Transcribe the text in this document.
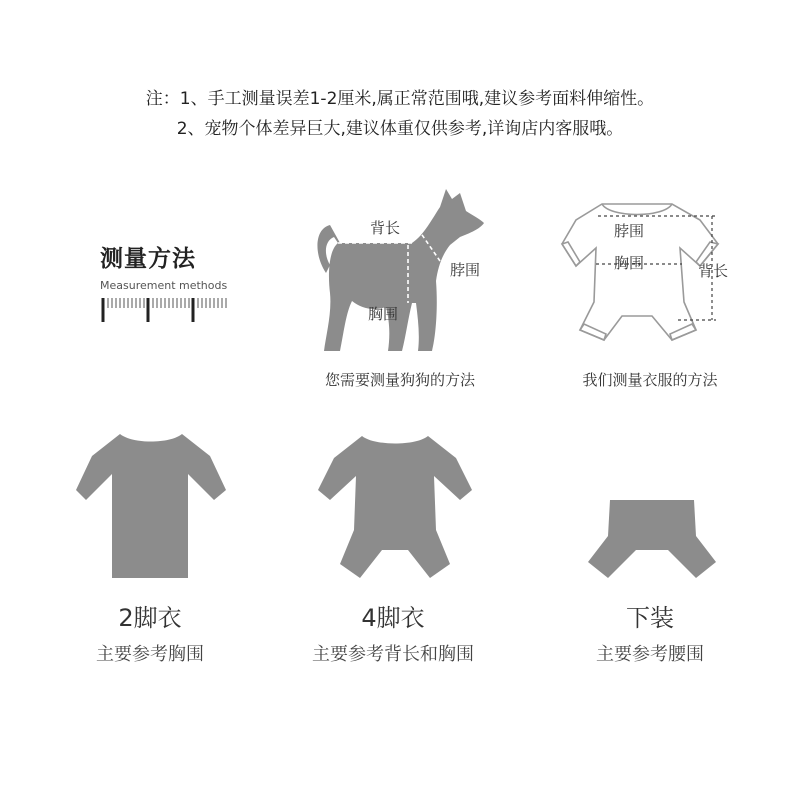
注：1、手工测量误差1-2厘米,属正常范围哦,建议参考面料伸缩性。
2、宠物个体差异巨大,建议体重仅供参考,详询店内客服哦。
测量方法
Measurement methods
背长
脖围
胸围
您需要测量狗狗的方法
脖围
胸围	背长
我们测量衣服的方法
2脚衣
主要参考胸围
4脚衣
主要参考背长和胸围
下装
主要参考腰围
